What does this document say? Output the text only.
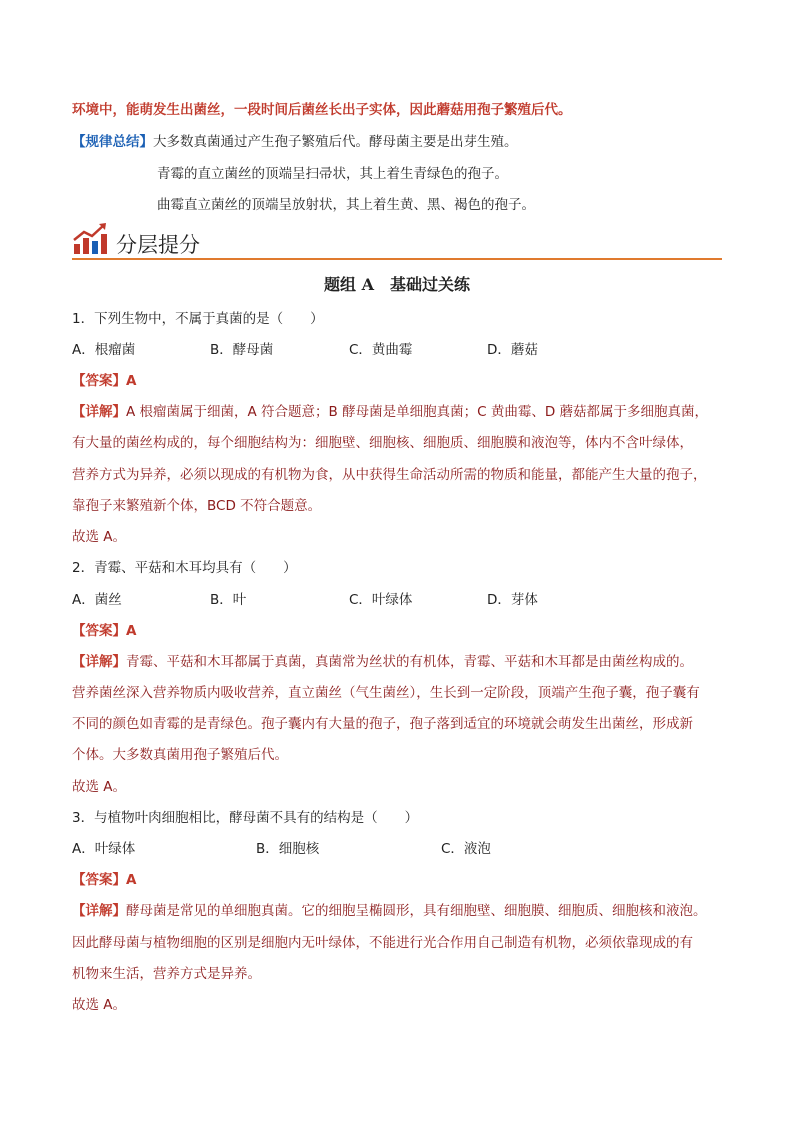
环境中，能萌发生出菌丝，一段时间后菌丝长出子实体，因此蘑菇用孢子繁殖后代。
【规律总结】大多数真菌通过产生孢子繁殖后代。酵母菌主要是出芽生殖。
青霉的直立菌丝的顶端呈扫帚状，其上着生青绿色的孢子。
曲霉直立菌丝的顶端呈放射状，其上着生黄、黑、褐色的孢子。
分层提分
题组 A　基础过关练
1．下列生物中，不属于真菌的是（　　）
A．根瘤菌	B．酵母菌	C．黄曲霉	D．蘑菇
【答案】A
【详解】A 根瘤菌属于细菌，A 符合题意；B 酵母菌是单细胞真菌；C 黄曲霉、D 蘑菇都属于多细胞真菌，
有大量的菌丝构成的，每个细胞结构为：细胞壁、细胞核、细胞质、细胞膜和液泡等，体内不含叶绿体，
营养方式为异养，必须以现成的有机物为食，从中获得生命活动所需的物质和能量，都能产生大量的孢子，
靠孢子来繁殖新个体，BCD 不符合题意。
故选 A。
2．青霉、平菇和木耳均具有（　　）
A．菌丝	B．叶	C．叶绿体	D．芽体
【答案】A
【详解】青霉、平菇和木耳都属于真菌，真菌常为丝状的有机体，青霉、平菇和木耳都是由菌丝构成的。
营养菌丝深入营养物质内吸收营养，直立菌丝（气生菌丝），生长到一定阶段，顶端产生孢子囊，孢子囊有
不同的颜色如青霉的是青绿色。孢子囊内有大量的孢子，孢子落到适宜的环境就会萌发生出菌丝，形成新
个体。大多数真菌用孢子繁殖后代。
故选 A。
3．与植物叶肉细胞相比，酵母菌不具有的结构是（　　）
A．叶绿体	B．细胞核	C．液泡
【答案】A
【详解】酵母菌是常见的单细胞真菌。它的细胞呈椭圆形，具有细胞壁、细胞膜、细胞质、细胞核和液泡。
因此酵母菌与植物细胞的区别是细胞内无叶绿体，不能进行光合作用自己制造有机物，必须依靠现成的有
机物来生活，营养方式是异养。
故选 A。
